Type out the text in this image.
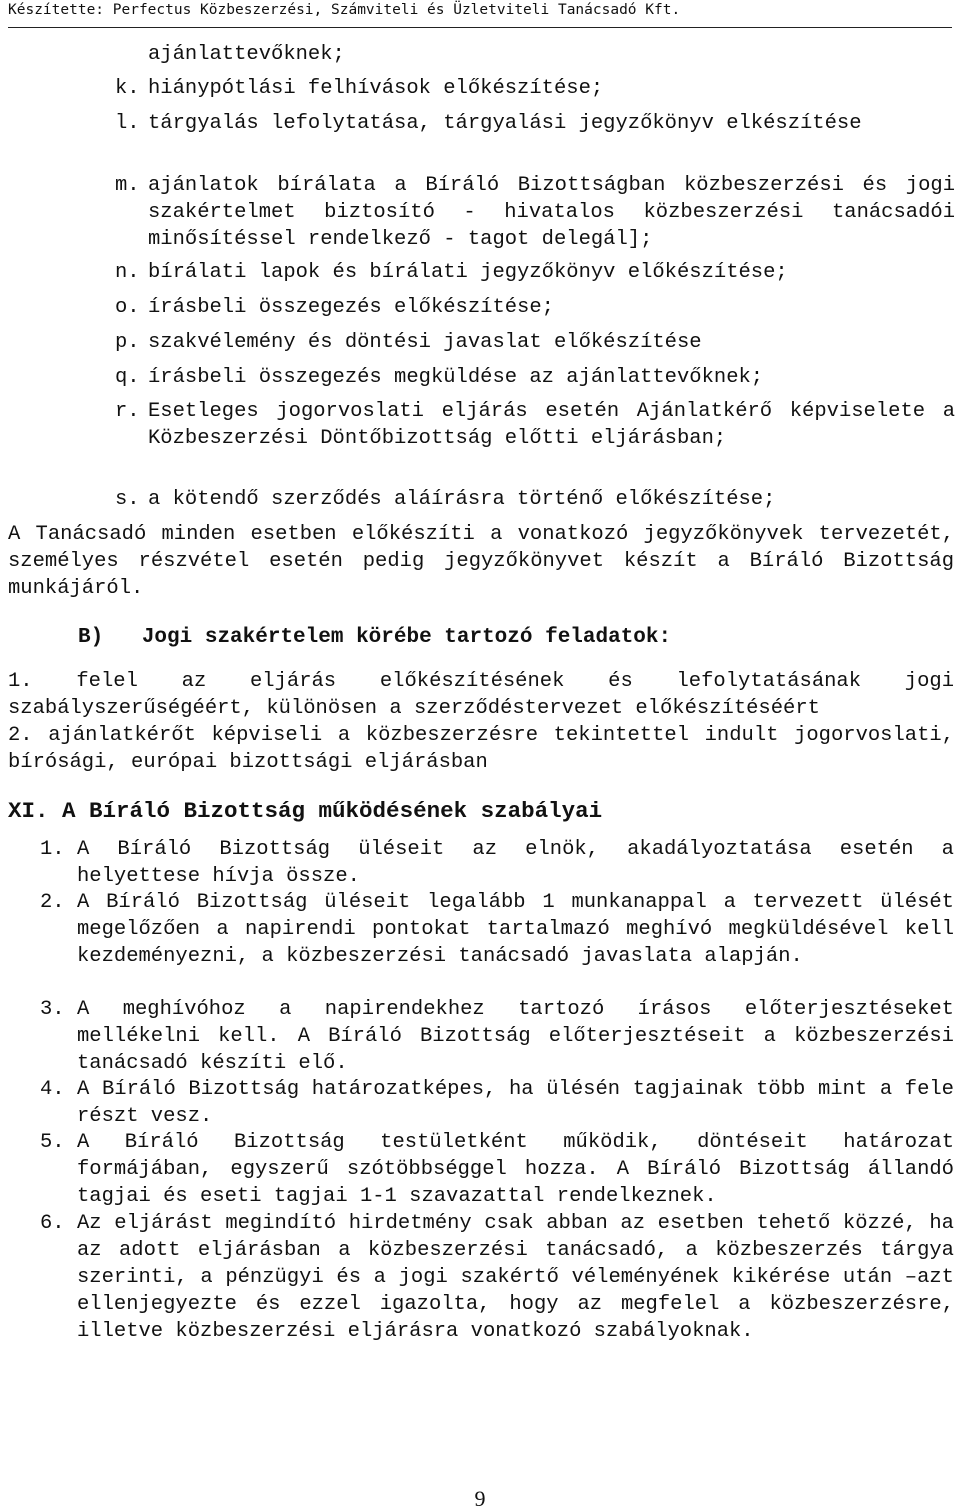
Készítette: Perfectus Közbeszerzési, Számviteli és Üzletviteli Tanácsadó Kft.
ajánlattevőknek;
k. hiánypótlási felhívások előkészítése;
l. tárgyalás lefolytatása, tárgyalási jegyzőkönyv elkészítése
m. ajánlatok bírálata a Bíráló Bizottságban közbeszerzési és jogi szakértelmet biztosító - hivatalos közbeszerzési tanácsadói minősítéssel rendelkező - tagot delegál];
n. bírálati lapok és bírálati jegyzőkönyv előkészítése;
o. írásbeli összegezés előkészítése;
p. szakvélemény és döntési javaslat előkészítése
q. írásbeli összegezés megküldése az ajánlattevőknek;
r. Esetleges jogorvoslati eljárás esetén Ajánlatkérő képviselete a Közbeszerzési Döntőbizottság előtti eljárásban;
s. a kötendő szerződés aláírásra történő előkészítése;
A Tanácsadó minden esetben előkészíti a vonatkozó jegyzőkönyvek tervezetét, személyes részvétel esetén pedig jegyzőkönyvet készít a Bíráló Bizottság munkájáról.
B) Jogi szakértelem körébe tartozó feladatok:
1. felel az eljárás előkészítésének és lefolytatásának jogi szabályszerűségéért, különösen a szerződéstervezet előkészítéséért
2. ajánlatkérőt képviseli a közbeszerzésre tekintettel indult jogorvoslati, bírósági, európai bizottsági eljárásban
XI. A Bíráló Bizottság működésének szabályai
1. A Bíráló Bizottság üléseit az elnök, akadályoztatása esetén a helyettese hívja össze.
2. A Bíráló Bizottság üléseit legalább 1 munkanappal a tervezett ülését megelőzően a napirendi pontokat tartalmazó meghívó megküldésével kell kezdeményezni, a közbeszerzési tanácsadó javaslata alapján.
3. A meghívóhoz a napirendekhez tartozó írásos előterjesztéseket mellékelni kell. A Bíráló Bizottság előterjesztéseit a közbeszerzési tanácsadó készíti elő.
4. A Bíráló Bizottság határozatképes, ha ülésén tagjainak több mint a fele részt vesz.
5. A Bíráló Bizottság testületként működik, döntéseit határozat formájában, egyszerű szótöbbséggel hozza. A Bíráló Bizottság állandó tagjai és eseti tagjai 1-1 szavazattal rendelkeznek.
6. Az eljárást megindító hirdetmény csak abban az esetben tehető közzé, ha az adott eljárásban a közbeszerzési tanácsadó, a közbeszerzés tárgya szerinti, a pénzügyi és a jogi szakértő véleményének kikérése után –azt ellenjegyezte és ezzel igazolta, hogy az megfelel a közbeszerzésre, illetve közbeszerzési eljárásra vonatkozó szabályoknak.
9
